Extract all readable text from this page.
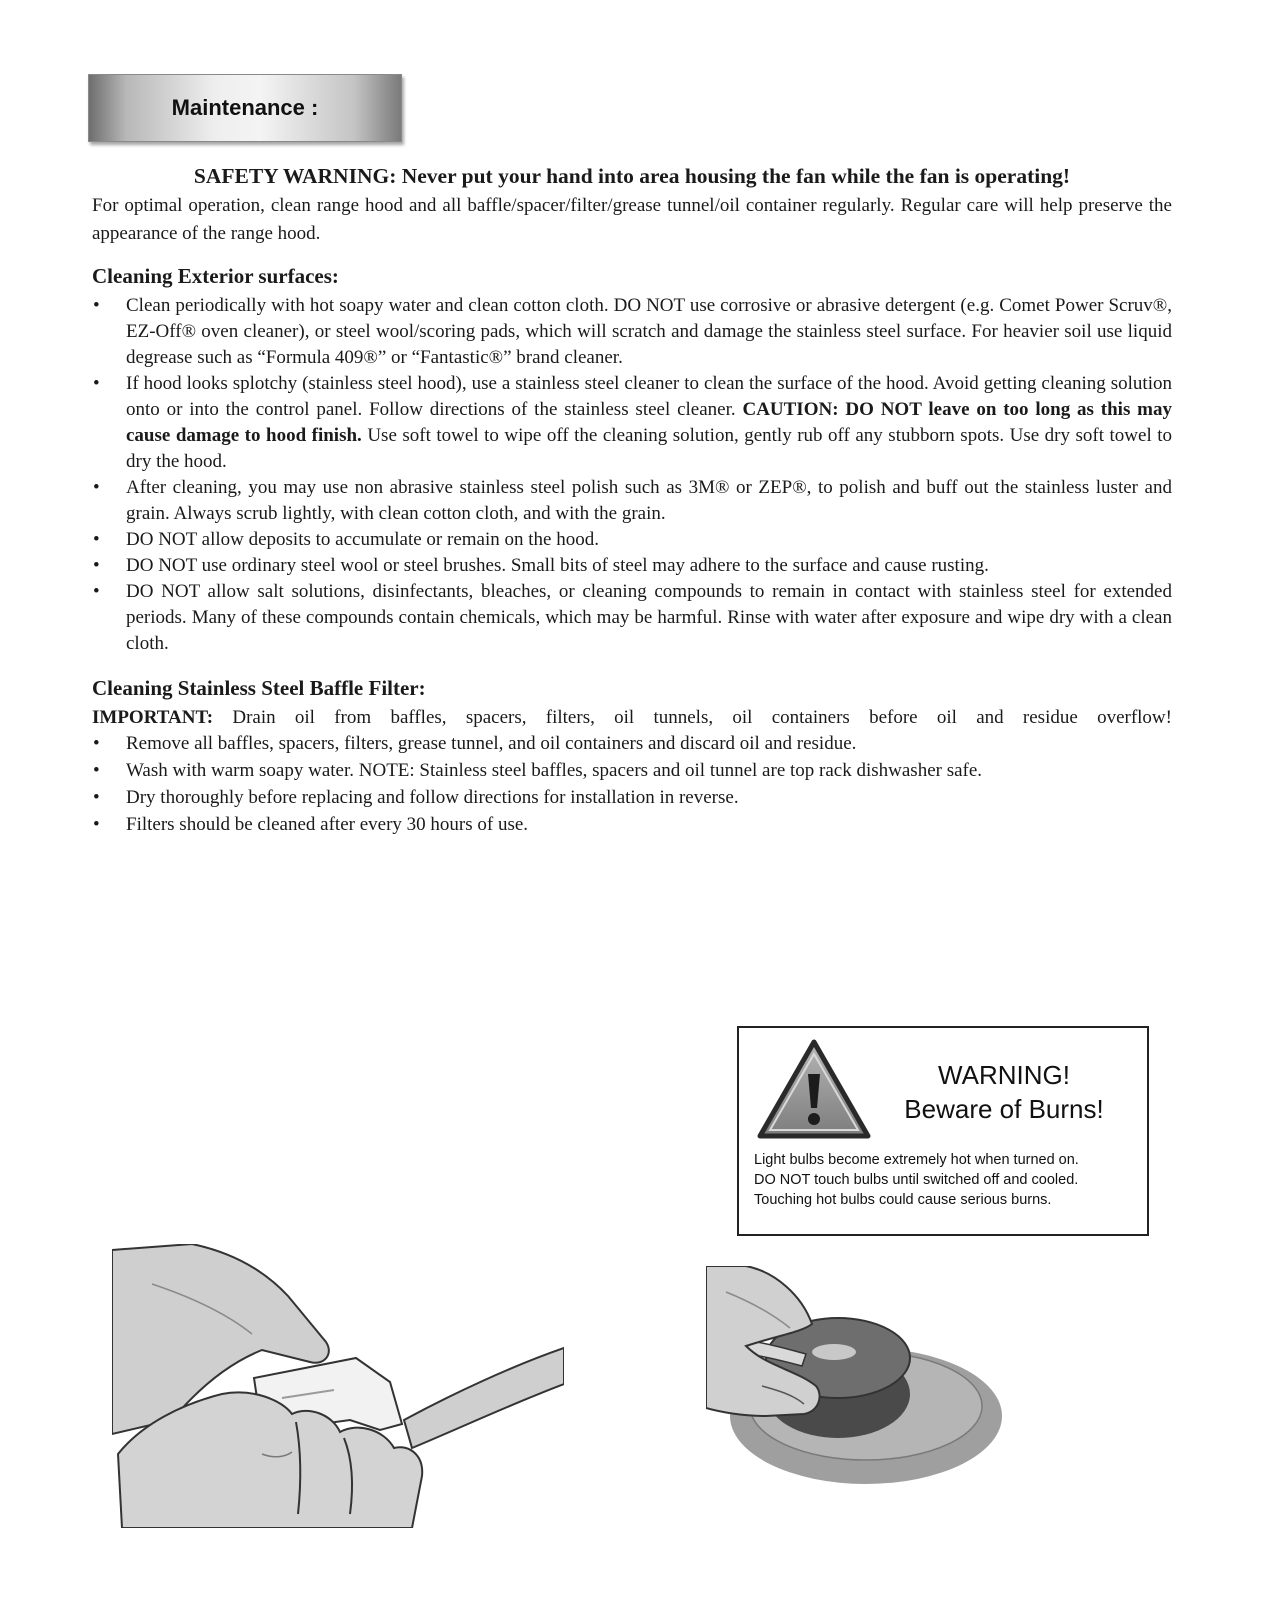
Maintenance :
SAFETY WARNING: Never put your hand into area housing the fan while the fan is operating!
For optimal operation, clean range hood and all baffle/spacer/filter/grease tunnel/oil container regularly. Regular care will help preserve the appearance of the range hood.
Cleaning Exterior surfaces:
• Clean periodically with hot soapy water and clean cotton cloth. DO NOT use corrosive or abrasive detergent (e.g. Comet Power Scruv®, EZ-Off® oven cleaner), or steel wool/scoring pads, which will scratch and damage the stainless steel surface. For heavier soil use liquid degrease such as “Formula 409®” or “Fantastic®” brand cleaner.
• If hood looks splotchy (stainless steel hood), use a stainless steel cleaner to clean the surface of the hood. Avoid getting cleaning solution onto or into the control panel. Follow directions of the stainless steel cleaner. CAUTION: DO NOT leave on too long as this may cause damage to hood finish. Use soft towel to wipe off the cleaning solution, gently rub off any stubborn spots. Use dry soft towel to dry the hood.
• After cleaning, you may use non abrasive stainless steel polish such as 3M® or ZEP®, to polish and buff out the stainless luster and grain. Always scrub lightly, with clean cotton cloth, and with the grain.
• DO NOT allow deposits to accumulate or remain on the hood.
• DO NOT use ordinary steel wool or steel brushes. Small bits of steel may adhere to the surface and cause rusting.
• DO NOT allow salt solutions, disinfectants, bleaches, or cleaning compounds to remain in contact with stainless steel for extended periods. Many of these compounds contain chemicals, which may be harmful. Rinse with water after exposure and wipe dry with a clean cloth.
Cleaning Stainless Steel Baffle Filter:
IMPORTANT: Drain oil from baffles, spacers, filters, oil tunnels, oil containers before oil and residue overflow!
• Remove all baffles, spacers, filters, grease tunnel, and oil containers and discard oil and residue.
• Wash with warm soapy water. NOTE: Stainless steel baffles, spacers and oil tunnel are top rack dishwasher safe.
• Dry thoroughly before replacing and follow directions for installation in reverse.
• Filters should be cleaned after every 30 hours of use.
WARNING!
Beware of Burns!
Light bulbs become extremely hot when turned on.
DO NOT touch bulbs until switched off and cooled.
Touching hot bulbs could cause serious burns.
